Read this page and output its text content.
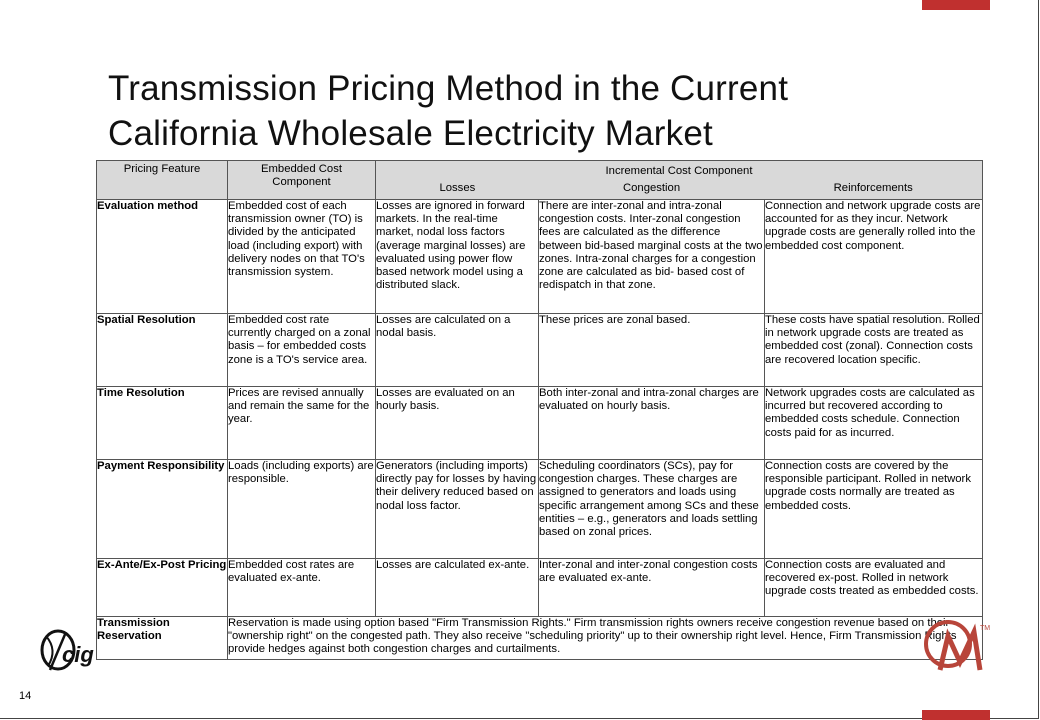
Transmission Pricing Method in the Current
California Wholesale Electricity Market
Pricing Feature	Embedded Cost Component	Incremental Cost Component
Losses Congestion Reinforcements		

Evaluation method	Embedded cost of each transmission owner (TO) is divided by the anticipated load (including export) with delivery nodes on that TO's transmission system.	Losses are ignored in forward markets. In the real-time market, nodal loss factors (average marginal losses) are evaluated using power flow based network model using a distributed slack.	There are inter-zonal and intra-zonal congestion costs. Inter-zonal congestion fees are calculated as the difference between bid-based marginal costs at the two zones. Intra-zonal charges for a congestion zone are calculated as bid- based cost of redispatch in that zone.	Connection and network upgrade costs are accounted for as they incur. Network upgrade costs are generally rolled into the embedded cost component.
Spatial Resolution	Embedded cost rate currently charged on a zonal basis – for embedded costs zone is a TO's service area.	Losses are calculated on a nodal basis.	These prices are zonal based.	These costs have spatial resolution. Rolled in network upgrade costs are treated as embedded cost (zonal). Connection costs are recovered location specific.
Time Resolution	Prices are revised annually and remain the same for the year.	Losses are evaluated on an hourly basis.	Both inter-zonal and intra-zonal charges are evaluated on hourly basis.	Network upgrades costs are calculated as incurred but recovered according to embedded costs schedule. Connection costs paid for as incurred.
Payment Responsibility	Loads (including exports) are responsible.	Generators (including imports) directly pay for losses by having their delivery reduced based on nodal loss factor.	Scheduling coordinators (SCs), pay for congestion charges. These charges are assigned to generators and loads using specific arrangement among SCs and these entities – e.g., generators and loads settling based on zonal prices.	Connection costs are covered by the responsible participant. Rolled in network upgrade costs normally are treated as embedded costs.
Ex-Ante/Ex-Post Pricing	Embedded cost rates are evaluated ex-ante.	Losses are calculated ex-ante.	Inter-zonal and inter-zonal congestion costs are evaluated ex-ante.	Connection costs are evaluated and recovered ex-post. Rolled in network upgrade costs treated as embedded costs.
Transmission Reservation	Reservation is made using option based "Firm Transmission Rights." Firm transmission rights owners receive congestion revenue based on their "ownership right" on the congested path. They also receive "scheduling priority" up to their ownership right level. Hence, Firm Transmission Rights provide hedges against both congestion charges and curtailments.			
cig
14
TM
